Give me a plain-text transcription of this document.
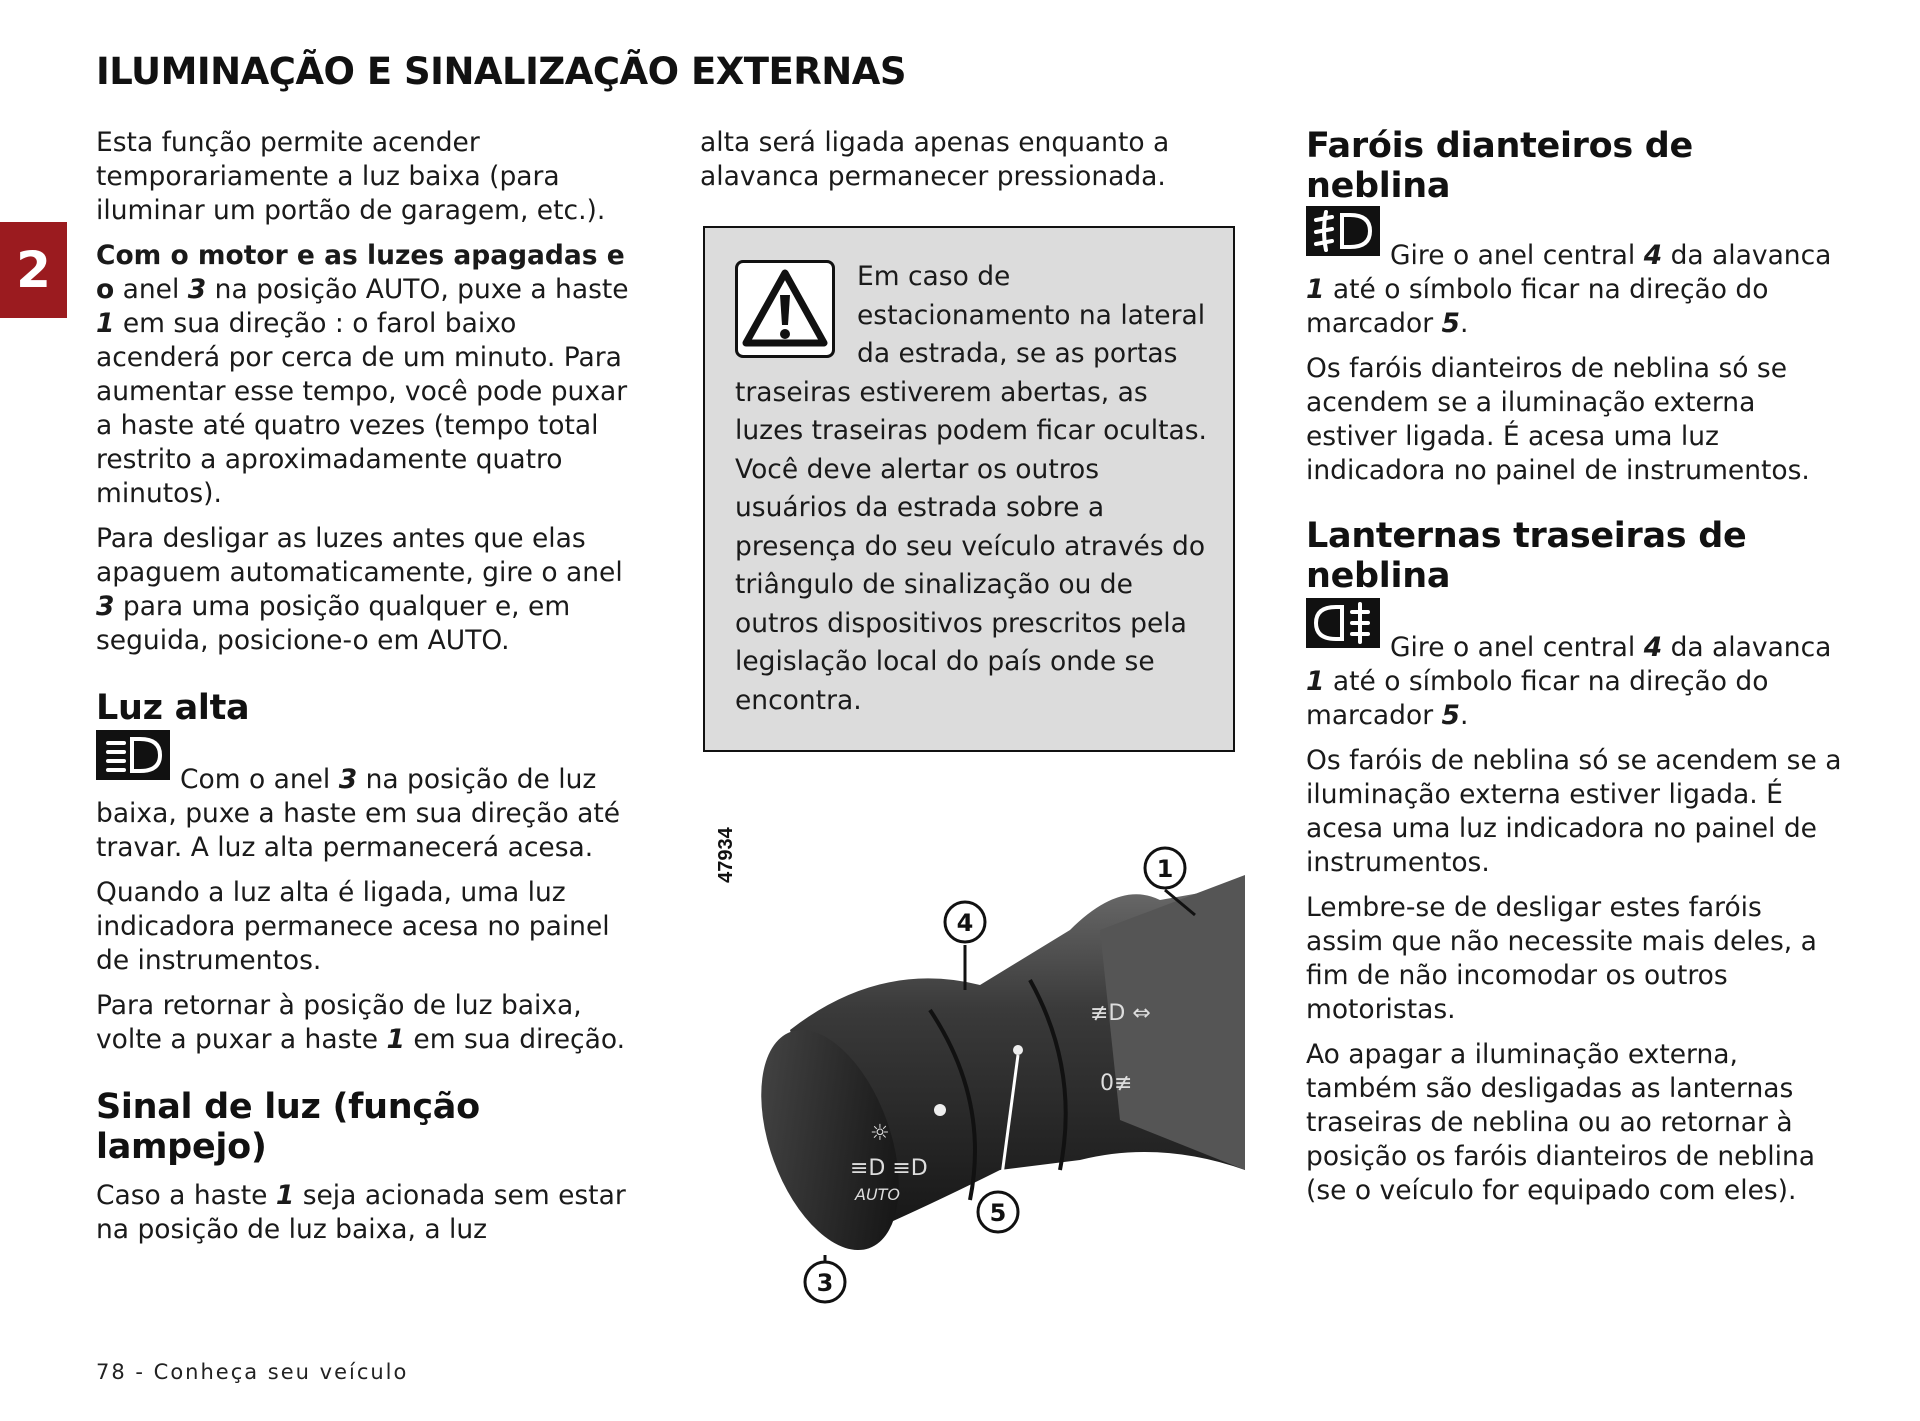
ILUMINAÇÃO E SINALIZAÇÃO EXTERNAS
2

Esta função permite acender temporariamente a luz baixa (para iluminar um portão de garagem, etc.).

Com o motor e as luzes apagadas e o anel 3 na posição AUTO, puxe a haste 1 em sua direção : o farol baixo acenderá por cerca de um minuto. Para aumentar esse tempo, você pode puxar a haste até quatro vezes (tempo total restrito a aproximadamente quatro minutos).

Para desligar as luzes antes que elas apaguem automaticamente, gire o anel 3 para uma posição qualquer e, em seguida, posicione-o em AUTO.

Luz alta

Com o anel 3 na posição de luz baixa, puxe a haste em sua direção até travar. A luz alta permanecerá acesa.

Quando a luz alta é ligada, uma luz indicadora permanece acesa no painel de instrumentos.

Para retornar à posição de luz baixa, volte a puxar a haste 1 em sua direção.

Sinal de luz (função lampejo)

Caso a haste 1 seja acionada sem estar na posição de luz baixa, a luz

alta será ligada apenas enquanto a alavanca permanecer pressionada.

Em caso de estacionamento na lateral da estrada, se as portas traseiras estiverem abertas, as luzes traseiras podem ficar ocultas. Você deve alertar os outros usuários da estrada sobre a presença do seu veículo através do triângulo de sinalização ou de outros dispositivos prescritos pela legislação local do país onde se encontra.

47934
≡D ≡D
AUTO
☼
≢D ⇔
0≢
1
4
5
3
Faróis dianteiros de neblina

Gire o anel central 4 da alavanca 1 até o símbolo ficar na direção do marcador 5.

Os faróis dianteiros de neblina só se acendem se a iluminação externa estiver ligada. É acesa uma luz indicadora no painel de instrumentos.

Lanternas traseiras de neblina

Gire o anel central 4 da alavanca 1 até o símbolo ficar na direção do marcador 5.

Os faróis de neblina só se acendem se a iluminação externa estiver ligada. É acesa uma luz indicadora no painel de instrumentos.

Lembre-se de desligar estes faróis assim que não necessite mais deles, a fim de não incomodar os outros motoristas.

Ao apagar a iluminação externa, também são desligadas as lanternas traseiras de neblina ou ao retornar à posição os faróis dianteiros de neblina (se o veículo for equipado com eles).

78 - Conheça seu veículo
